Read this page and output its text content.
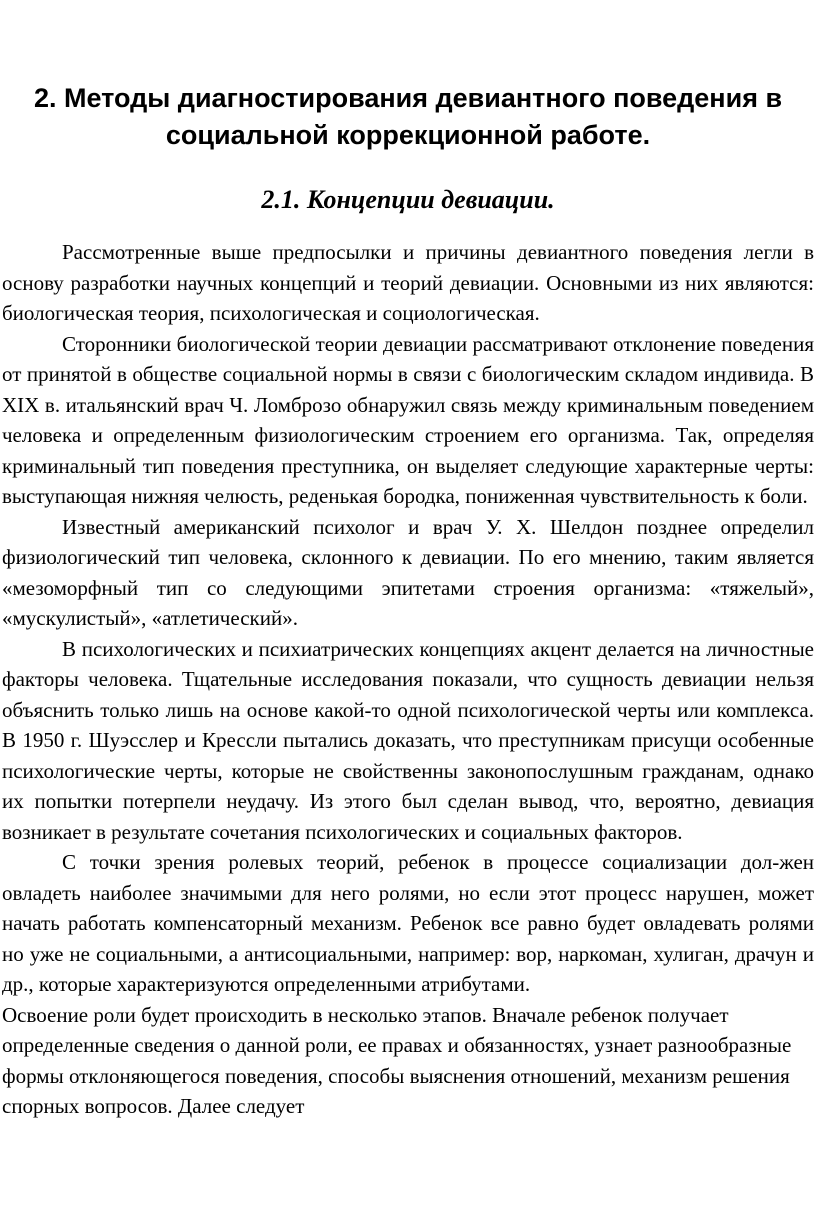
2. Методы диагностирования девиантного поведения в социальной коррекционной работе.
2.1. Концепции девиации.

Рассмотренные выше предпосылки и причины девиантного поведения легли в основу разработки научных концепций и теорий девиации. Основными из них являются: биологическая теория, психологическая и социологическая.

Сторонники биологической теории девиации рассматривают отклонение поведения от принятой в обществе социальной нормы в связи с биологическим складом индивида. В XIX в. итальянский врач Ч. Ломброзо обнаружил связь между криминальным поведением человека и определенным физиологическим строением его организма. Так, определяя криминальный тип поведения преступника, он выделяет следующие характерные черты: выступающая нижняя челюсть, реденькая бородка, пониженная чувствительность к боли.

Известный американский психолог и врач У. Х. Шелдон позднее определил физиологический тип человека, склонного к девиации. По его мнению, таким является «мезоморфный тип со следующими эпитетами строения организма: «тяжелый», «мускулистый», «атлетический».

В психологических и психиатрических концепциях акцент делается на личностные факторы человека. Тщательные исследования показали, что сущность девиации нельзя объяснить только лишь на основе какой-то одной психологической черты или комплекса. В 1950 г. Шуэсслер и Крессли пытались доказать, что преступникам присущи особенные психологические черты, которые не свойственны законопослушным гражданам, однако их попытки потерпели неудачу. Из этого был сделан вывод, что, вероятно, девиация возникает в результате сочетания психологических и социальных факторов.

С точки зрения ролевых теорий, ребенок в процессе социализации дол-жен овладеть наиболее значимыми для него ролями, но если этот процесс нарушен, может начать работать компенсаторный механизм. Ребенок все равно будет овладевать ролями но уже не социальными, а антисоциальными, например: вор, наркоман, хулиган, драчун и др., которые характеризуются определенными атрибутами.

Освоение роли будет происходить в несколько этапов. Вначале ребенок получает определенные сведения о данной роли, ее правах и обязанностях, узнает разнообразные формы отклоняющегося поведения, способы выяснения отношений, механизм решения спорных вопросов. Далее следует
